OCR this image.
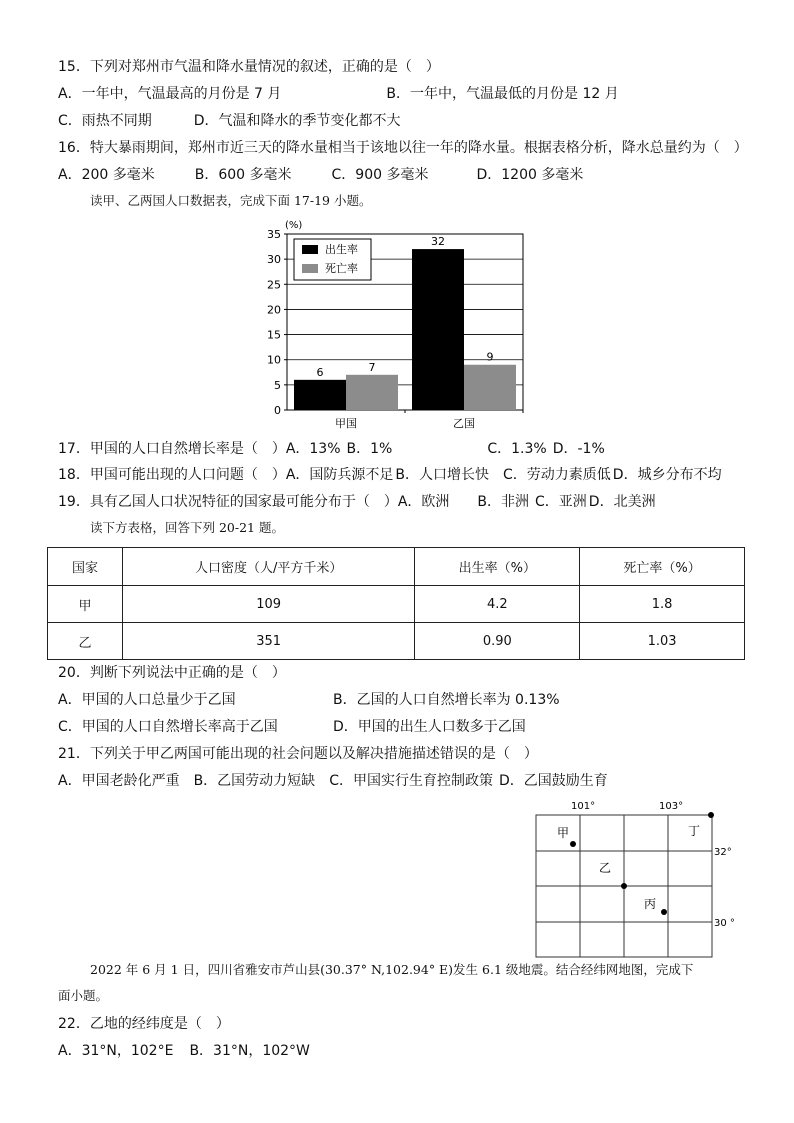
15．下列对郑州市气温和降水量情况的叙述，正确的是（　）
A．一年中，气温最高的月份是 7 月	B．一年中，气温最低的月份是 12 月
C．雨热不同期	D．气温和降水的季节变化都不大
16．特大暴雨期间，郑州市近三天的降水量相当于该地以往一年的降水量。根据表格分析，降水总量约为（　）
A．200 多毫米	B．600 多毫米	C．900 多毫米	D．1200 多毫米
读甲、乙两国人口数据表，完成下面 17-19 小题。
0
5
10
15
20
25
30
35
6	7
32
9
甲国	乙国
(%)
出生率
死亡率
17．甲国的人口自然增长率是（　）A．13% B．1%	C．1.3% D．-1%
18．甲国可能出现的人口问题（　）A．国防兵源不足 B．人口增长快 C．劳动力素质低 D．城乡分布不均
19．具有乙国人口状况特征的国家最可能分布于（　）A．欧洲 B．非洲 C．亚洲 D．北美洲
读下方表格，回答下列 20-21 题。
国家	人口密度（人/平方千米）	出生率（%）	死亡率（%）
甲	109	4.2	1.8
乙	351	0.90	1.03
20．判断下列说法中正确的是（　）
A．甲国的人口总量少于乙国	B．乙国的人口自然增长率为 0.13%
C．甲国的人口自然增长率高于乙国	D．甲国的出生人口数多于乙国
21．下列关于甲乙两国可能出现的社会问题以及解决措施描述错误的是（　）
A．甲国老龄化严重 B．乙国劳动力短缺 C．甲国实行生育控制政策 D．乙国鼓励生育
101°	103°
32°
30 °
甲
乙
丙
丁
2022 年 6 月 1 日，四川省雅安市芦山县(30.37° N,102.94° E)发生 6.1 级地震。结合经纬网地图，完成下
面小题。
22．乙地的经纬度是（　）
A．31°N，102°E B．31°N，102°W
